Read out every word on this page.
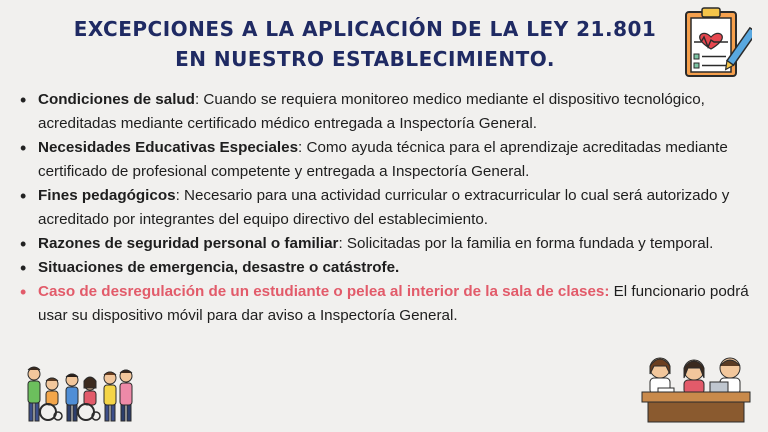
EXCEPCIONES A LA APLICACIÓN DE LA LEY 21.801
EN NUESTRO ESTABLECIMIENTO.
• Condiciones de salud: Cuando se requiera monitoreo medico mediante el dispositivo tecnológico, acreditadas mediante certificado médico entregada a Inspectoría General.
• Necesidades Educativas Especiales: Como ayuda técnica para el aprendizaje acreditadas mediante certificado de profesional competente y entregada a Inspectoría General.
• Fines pedagógicos: Necesario para una actividad curricular o extracurricular lo cual será autorizado y acreditado por integrantes del equipo directivo del establecimiento.
• Razones de seguridad personal o familiar: Solicitadas por la familia en forma fundada y temporal.
• Situaciones de emergencia, desastre o catástrofe.
• Caso de desregulación de un estudiante o pelea al interior de la sala de clases: El funcionario podrá usar su dispositivo móvil para dar aviso a Inspectoría General.
